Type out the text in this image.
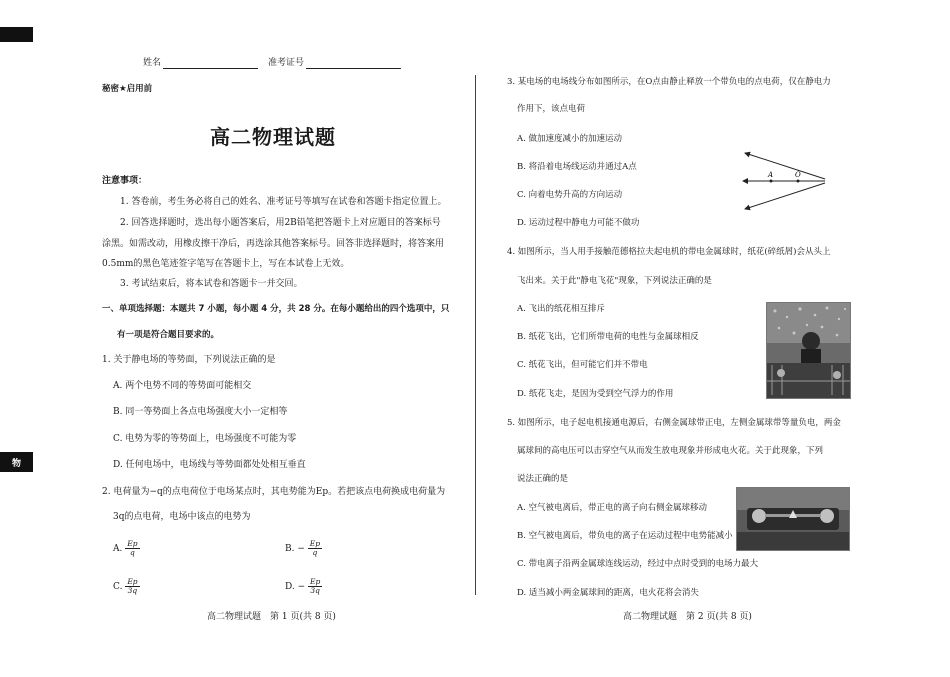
物
姓名	准考证号
秘密★启用前
高二物理试题
注意事项：
1. 答卷前，考生务必将自己的姓名、准考证号等填写在试卷和答题卡指定位置上。
2. 回答选择题时，选出每小题答案后，用2B铅笔把答题卡上对应题目的答案标号
涂黑。如需改动，用橡皮擦干净后，再选涂其他答案标号。回答非选择题时，将答案用
0.5mm的黑色笔迹签字笔写在答题卡上，写在本试卷上无效。
3. 考试结束后，将本试卷和答题卡一并交回。
一、单项选择题：本题共 7 小题，每小题 4 分，共 28 分。在每小题给出的四个选项中，只
有一项是符合题目要求的。
1. 关于静电场的等势面，下列说法正确的是
A. 两个电势不同的等势面可能相交
B. 同一等势面上各点电场强度大小一定相等
C. 电势为零的等势面上，电场强度不可能为零
D. 任何电场中，电场线与等势面都处处相互垂直
2. 电荷量为−q的点电荷位于电场某点时，其电势能为Ep。若把该点电荷换成电荷量为
3q的点电荷，电场中该点的电势为
A. $\frac{Ep}{q}$	B. − $\frac{Ep}{q}$
C. $\frac{Ep}{3q}$	D. − $\frac{Ep}{3q}$
高二物理试题　第 1 页(共 8 页)
3. 某电场的电场线分布如图所示，在O点由静止释放一个带负电的点电荷，仅在静电力
作用下，该点电荷
A. 做加速度减小的加速运动
B. 将沿着电场线运动并通过A点
C. 向着电势升高的方向运动
D. 运动过程中静电力可能不做功
A	O
4. 如图所示，当人用手接触范德格拉夫起电机的带电金属球时，纸花(碎纸屑)会从头上
飞出来。关于此"静电飞花"现象，下列说法正确的是
A. 飞出的纸花相互排斥
B. 纸花飞出，它们所带电荷的电性与金属球相反
C. 纸花飞出，但可能它们并不带电
D. 纸花飞走，是因为受到空气浮力的作用
5. 如图所示，电子起电机接通电源后，右侧金属球带正电，左侧金属球带等量负电，两金
属球间的高电压可以击穿空气从而发生放电现象并形成电火花。关于此现象，下列
说法正确的是
A. 空气被电离后，带正电的离子向右侧金属球移动
B. 空气被电离后，带负电的离子在运动过程中电势能减小
C. 带电离子沿两金属球连线运动，经过中点时受到的电场力最大
D. 适当减小两金属球间的距离，电火花将会消失
高二物理试题　第 2 页(共 8 页)
